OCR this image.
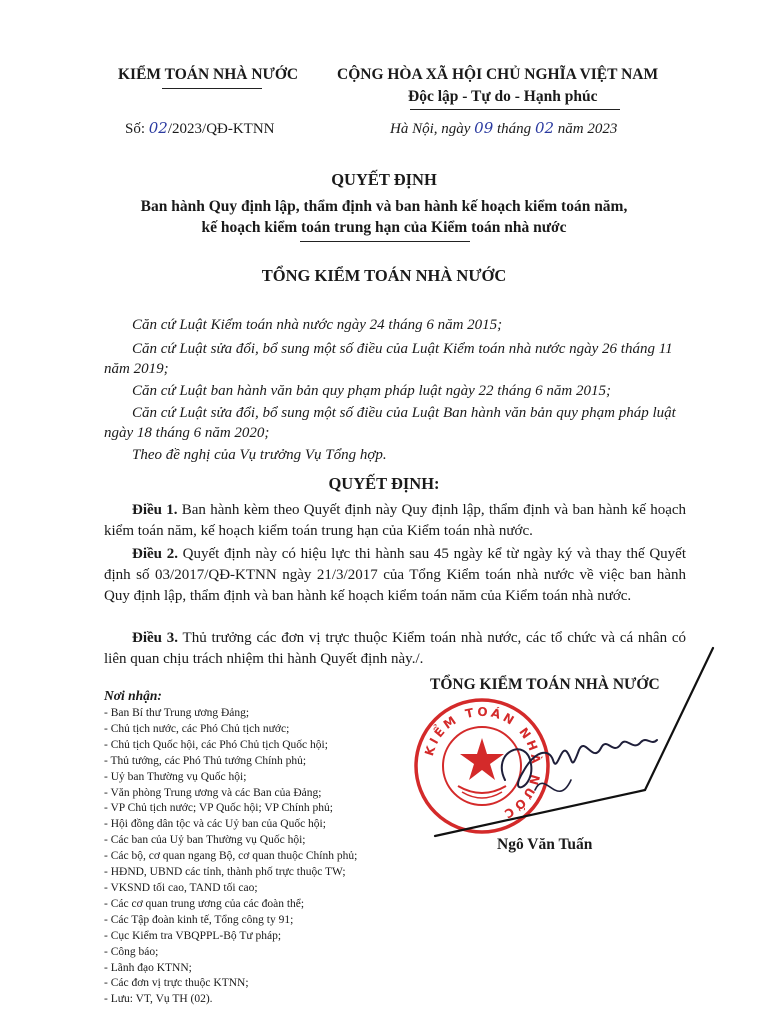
KIỂM TOÁN NHÀ NƯỚC	CỘNG HÒA XÃ HỘI CHỦ NGHĨA VIỆT NAM
Độc lập - Tự do - Hạnh phúc
Số: 02/2023/QĐ-KTNN	Hà Nội, ngày 09 tháng 02 năm 2023
QUYẾT ĐỊNH
Ban hành Quy định lập, thẩm định và ban hành kế hoạch kiểm toán năm,
kế hoạch kiểm toán trung hạn của Kiểm toán nhà nước
TỔNG KIỂM TOÁN NHÀ NƯỚC
Căn cứ Luật Kiểm toán nhà nước ngày 24 tháng 6 năm 2015;
Căn cứ Luật sửa đổi, bổ sung một số điều của Luật Kiểm toán nhà nước ngày 26 tháng 11 năm 2019;
Căn cứ Luật ban hành văn bản quy phạm pháp luật ngày 22 tháng 6 năm 2015;
Căn cứ Luật sửa đổi, bổ sung một số điều của Luật Ban hành văn bản quy phạm pháp luật ngày 18 tháng 6 năm 2020;
Theo đề nghị của Vụ trưởng Vụ Tổng hợp.
QUYẾT ĐỊNH:
Điều 1. Ban hành kèm theo Quyết định này Quy định lập, thẩm định và ban hành kế hoạch kiểm toán năm, kế hoạch kiểm toán trung hạn của Kiểm toán nhà nước.
Điều 2. Quyết định này có hiệu lực thi hành sau 45 ngày kể từ ngày ký và thay thế Quyết định số 03/2017/QĐ-KTNN ngày 21/3/2017 của Tổng Kiểm toán nhà nước về việc ban hành Quy định lập, thẩm định và ban hành kế hoạch kiểm toán năm của Kiểm toán nhà nước.
Điều 3. Thủ trưởng các đơn vị trực thuộc Kiểm toán nhà nước, các tổ chức và cá nhân có liên quan chịu trách nhiệm thi hành Quyết định này./.
Nơi nhận:
- Ban Bí thư Trung ương Đảng;
- Chủ tịch nước, các Phó Chủ tịch nước;
- Chủ tịch Quốc hội, các Phó Chủ tịch Quốc hội;
- Thủ tướng, các Phó Thủ tướng Chính phủ;
- Uỷ ban Thường vụ Quốc hội;
- Văn phòng Trung ương và các Ban của Đảng;
- VP Chủ tịch nước; VP Quốc hội; VP Chính phủ;
- Hội đồng dân tộc và các Uỷ ban của Quốc hội;
- Các ban của Uỷ ban Thường vụ Quốc hội;
- Các bộ, cơ quan ngang Bộ, cơ quan thuộc Chính phủ;
- HĐND, UBND các tỉnh, thành phố trực thuộc TW;
- VKSND tối cao, TAND tối cao;
- Các cơ quan trung ương của các đoàn thể;
- Các Tập đoàn kinh tế, Tổng công ty 91;
- Cục Kiểm tra VBQPPL-Bộ Tư pháp;
- Công báo;
- Lãnh đạo KTNN;
- Các đơn vị trực thuộc KTNN;
- Lưu: VT, Vụ TH (02).
TỔNG KIỂM TOÁN NHÀ NƯỚC
KIỂM TOÁN NHÀ NƯỚC
Ngô Văn Tuấn
